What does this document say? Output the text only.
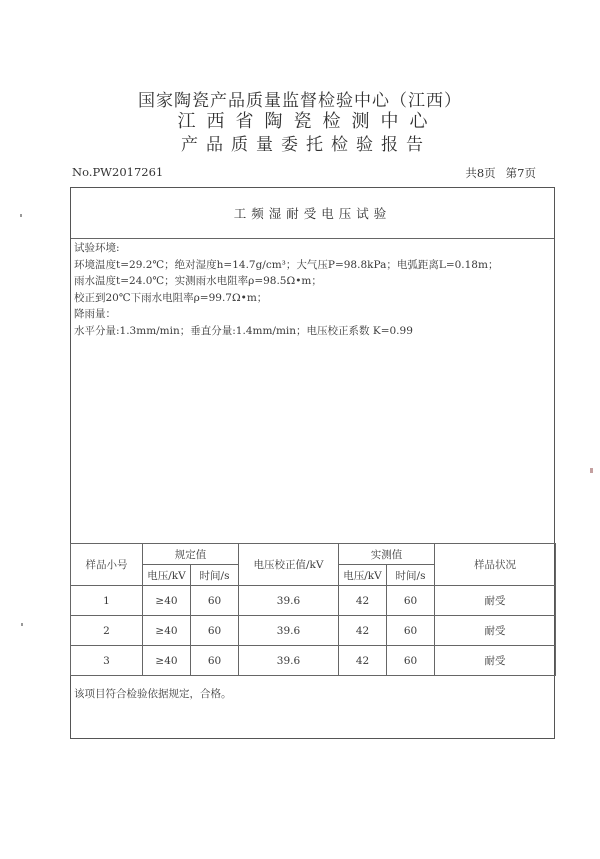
国家陶瓷产品质量监督检验中心（江西）
江西省陶瓷检测中心
产品质量委托检验报告
No.PW2017261	共8页 第7页
工频湿耐受电压试验
试验环境:
环境温度t=29.2℃；绝对湿度h=14.7g/cm³；大气压P=98.8kPa；电弧距离L=0.18m；
雨水温度t=24.0℃；实测雨水电阻率ρ=98.5Ω•m；
校正到20℃下雨水电阻率ρ=99.7Ω•m；
降雨量：
水平分量:1.3mm/min；垂直分量:1.4mm/min；电压校正系数 K=0.99
样品小号	规定值		电压校正值/kV	实测值		样品状况
	电压/kV	时间/s		电压/kV	时间/s	
1	≥40	60	39.6	42	60	耐受
2	≥40	60	39.6	42	60	耐受
3	≥40	60	39.6	42	60	耐受
该项目符合检验依据规定，合格。
